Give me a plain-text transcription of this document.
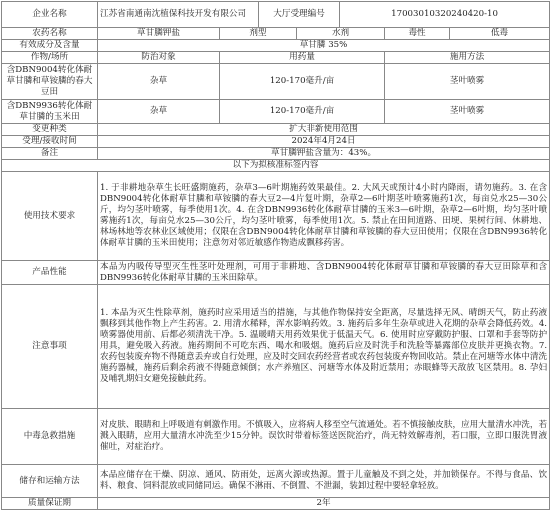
企业名称	江苏省南通南沈植保科技开发有限公司		大厅受理编号		17003010320240420-10		
农药名称	草甘膦钾盐	剂型		水剂		毒性	低毒
有效成分及含量	草甘膦 35%						
作物/场所	防治对象	用药量				施用方法	
含DBN9004转化体耐草甘膦和草铵膦的春大豆田	杂草	120-170毫升/亩				茎叶喷雾	
含DBN9936转化体耐草甘膦的玉米田	杂草	120-170毫升/亩				茎叶喷雾	
变更种类	扩大非新使用范围						
受理/接收时间	2024年4月24日						
备注	草甘膦钾盐含量为：43%。						
以下为拟核准标签内容							
使用技术要求	1. 于非耕地杂草生长旺盛期施药，杂草3—6叶期施药效果最佳。2. 大风天或预计4小时内降雨，请勿施药。3. 在含DBN9004转化体耐草甘膦和草铵膦的春大豆2—4片复叶期，杂草2—6叶期茎叶喷雾施药1次，每亩兑水25—30公斤，均匀茎叶喷雾，每季使用1次。4. 在含DBN9936转化体耐草甘膦的玉米3—6叶期，杂草2—6叶期，均匀茎叶喷雾施药1次，每亩兑水25—30公斤，均匀茎叶喷雾，每季使用1次。5. 禁止在田间道路、田埂、果树行间、休耕地、林场林地等农林业区域使用；仅限在含DBN9004转化体耐草甘膦和草铵膦的春大豆田使用；仅限在含DBN9936转化体耐草甘膦的玉米田使用；注意勿对邻近敏感作物造成飘移药害。						
产品性能	本品为内吸传导型灭生性茎叶处理剂，可用于非耕地、含DBN9004转化体耐草甘膦和草铵膦的春大豆田除草和含DBN9936转化体耐草甘膦的玉米田除草。						
注意事项	1. 本品为灭生性除草剂，施药时应采用适当的措施，与其他作物保持安全距离，尽量选择无风、晴朗天气，防止药液飘移到其他作物上产生药害。2. 用清水稀释，浑水影响药效。3. 施药后多年生杂草或进入花期的杂草会降低药效。4. 喷雾器使用前、后都必须清洗干净。5. 温暖晴天用药效果优于低温天气。6. 使用时应穿戴防护服、口罩和手套等防护用具，避免吸入药液。施药期间不可吃东西、喝水和吸烟。施药后应及时洗手和洗脸等暴露部位皮肤并更换衣物。7. 农药包装废弃物不得随意丢弃或自行处理，应及时交回农药经营者或农药包装废弃物回收站。禁止在河塘等水体中清洗施药器械，施药后剩余药液不得随意倾倒；水产养殖区、河塘等水体及附近禁用；赤眼蜂等天敌放飞区禁用。8. 孕妇及哺乳期妇女避免接触此药。						
中毒急救措施	对皮肤、眼睛和上呼吸道有刺激作用。不慎吸入，应将病人移至空气流通处。若不慎接触皮肤，应用大量清水冲洗，若溅入眼睛，应用大量清水冲洗至少15分钟。误饮时带着标签送医院治疗，尚无特效解毒剂，若口服，立即口服洗胃液催吐，对症治疗。						
储存和运输方法	本品应储存在干燥、阴凉、通风、防雨处，远离火源或热源。置于儿童触及不到之处，并加锁保存。不得与食品、饮料、粮食、饲料混放或同储同运。确保不淋雨、不倒置、不泄漏，装卸过程中要轻拿轻放。						
质量保证期	2年						
